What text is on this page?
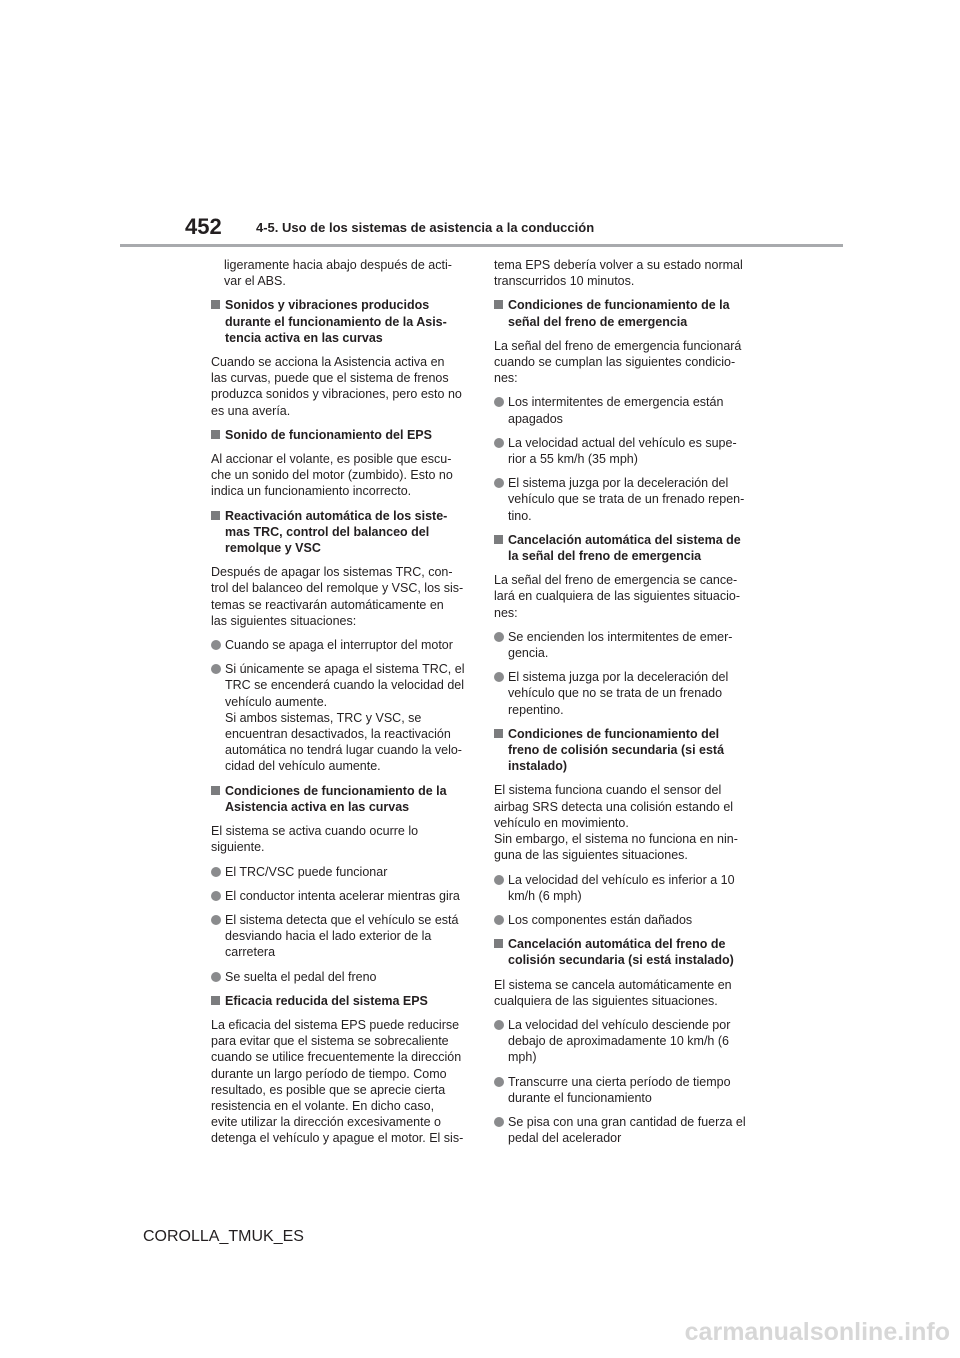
452	4-5. Uso de los sistemas de asistencia a la conducción
ligeramente hacia abajo después de acti-
var el ABS.
Sonidos y vibraciones producidos
durante el funcionamiento de la Asis-
tencia activa en las curvas
Cuando se acciona la Asistencia activa en
las curvas, puede que el sistema de frenos
produzca sonidos y vibraciones, pero esto no
es una avería.
Sonido de funcionamiento del EPS
Al accionar el volante, es posible que escu-
che un sonido del motor (zumbido). Esto no
indica un funcionamiento incorrecto.
Reactivación automática de los siste-
mas TRC, control del balanceo del
remolque y VSC
Después de apagar los sistemas TRC, con-
trol del balanceo del remolque y VSC, los sis-
temas se reactivarán automáticamente en
las siguientes situaciones:
Cuando se apaga el interruptor del motor
Si únicamente se apaga el sistema TRC, el
TRC se encenderá cuando la velocidad del
vehículo aumente.
Si ambos sistemas, TRC y VSC, se
encuentran desactivados, la reactivación
automática no tendrá lugar cuando la velo-
cidad del vehículo aumente.
Condiciones de funcionamiento de la
Asistencia activa en las curvas
El sistema se activa cuando ocurre lo
siguiente.
El TRC/VSC puede funcionar
El conductor intenta acelerar mientras gira
El sistema detecta que el vehículo se está
desviando hacia el lado exterior de la
carretera
Se suelta el pedal del freno
Eficacia reducida del sistema EPS
La eficacia del sistema EPS puede reducirse
para evitar que el sistema se sobrecaliente
cuando se utilice frecuentemente la dirección
durante un largo período de tiempo. Como
resultado, es posible que se aprecie cierta
resistencia en el volante. En dicho caso,
evite utilizar la dirección excesivamente o
detenga el vehículo y apague el motor. El sis-
tema EPS debería volver a su estado normal
transcurridos 10 minutos.
Condiciones de funcionamiento de la
señal del freno de emergencia
La señal del freno de emergencia funcionará
cuando se cumplan las siguientes condicio-
nes:
Los intermitentes de emergencia están
apagados
La velocidad actual del vehículo es supe-
rior a 55 km/h (35 mph)
El sistema juzga por la deceleración del
vehículo que se trata de un frenado repen-
tino.
Cancelación automática del sistema de
la señal del freno de emergencia
La señal del freno de emergencia se cance-
lará en cualquiera de las siguientes situacio-
nes:
Se encienden los intermitentes de emer-
gencia.
El sistema juzga por la deceleración del
vehículo que no se trata de un frenado
repentino.
Condiciones de funcionamiento del
freno de colisión secundaria (si está
instalado)
El sistema funciona cuando el sensor del
airbag SRS detecta una colisión estando el
vehículo en movimiento.
Sin embargo, el sistema no funciona en nin-
guna de las siguientes situaciones.
La velocidad del vehículo es inferior a 10
km/h (6 mph)
Los componentes están dañados
Cancelación automática del freno de
colisión secundaria (si está instalado)
El sistema se cancela automáticamente en
cualquiera de las siguientes situaciones.
La velocidad del vehículo desciende por
debajo de aproximadamente 10 km/h (6
mph)
Transcurre una cierta período de tiempo
durante el funcionamiento
Se pisa con una gran cantidad de fuerza el
pedal del acelerador
COROLLA_TMUK_ES
carmanualsonline.info
